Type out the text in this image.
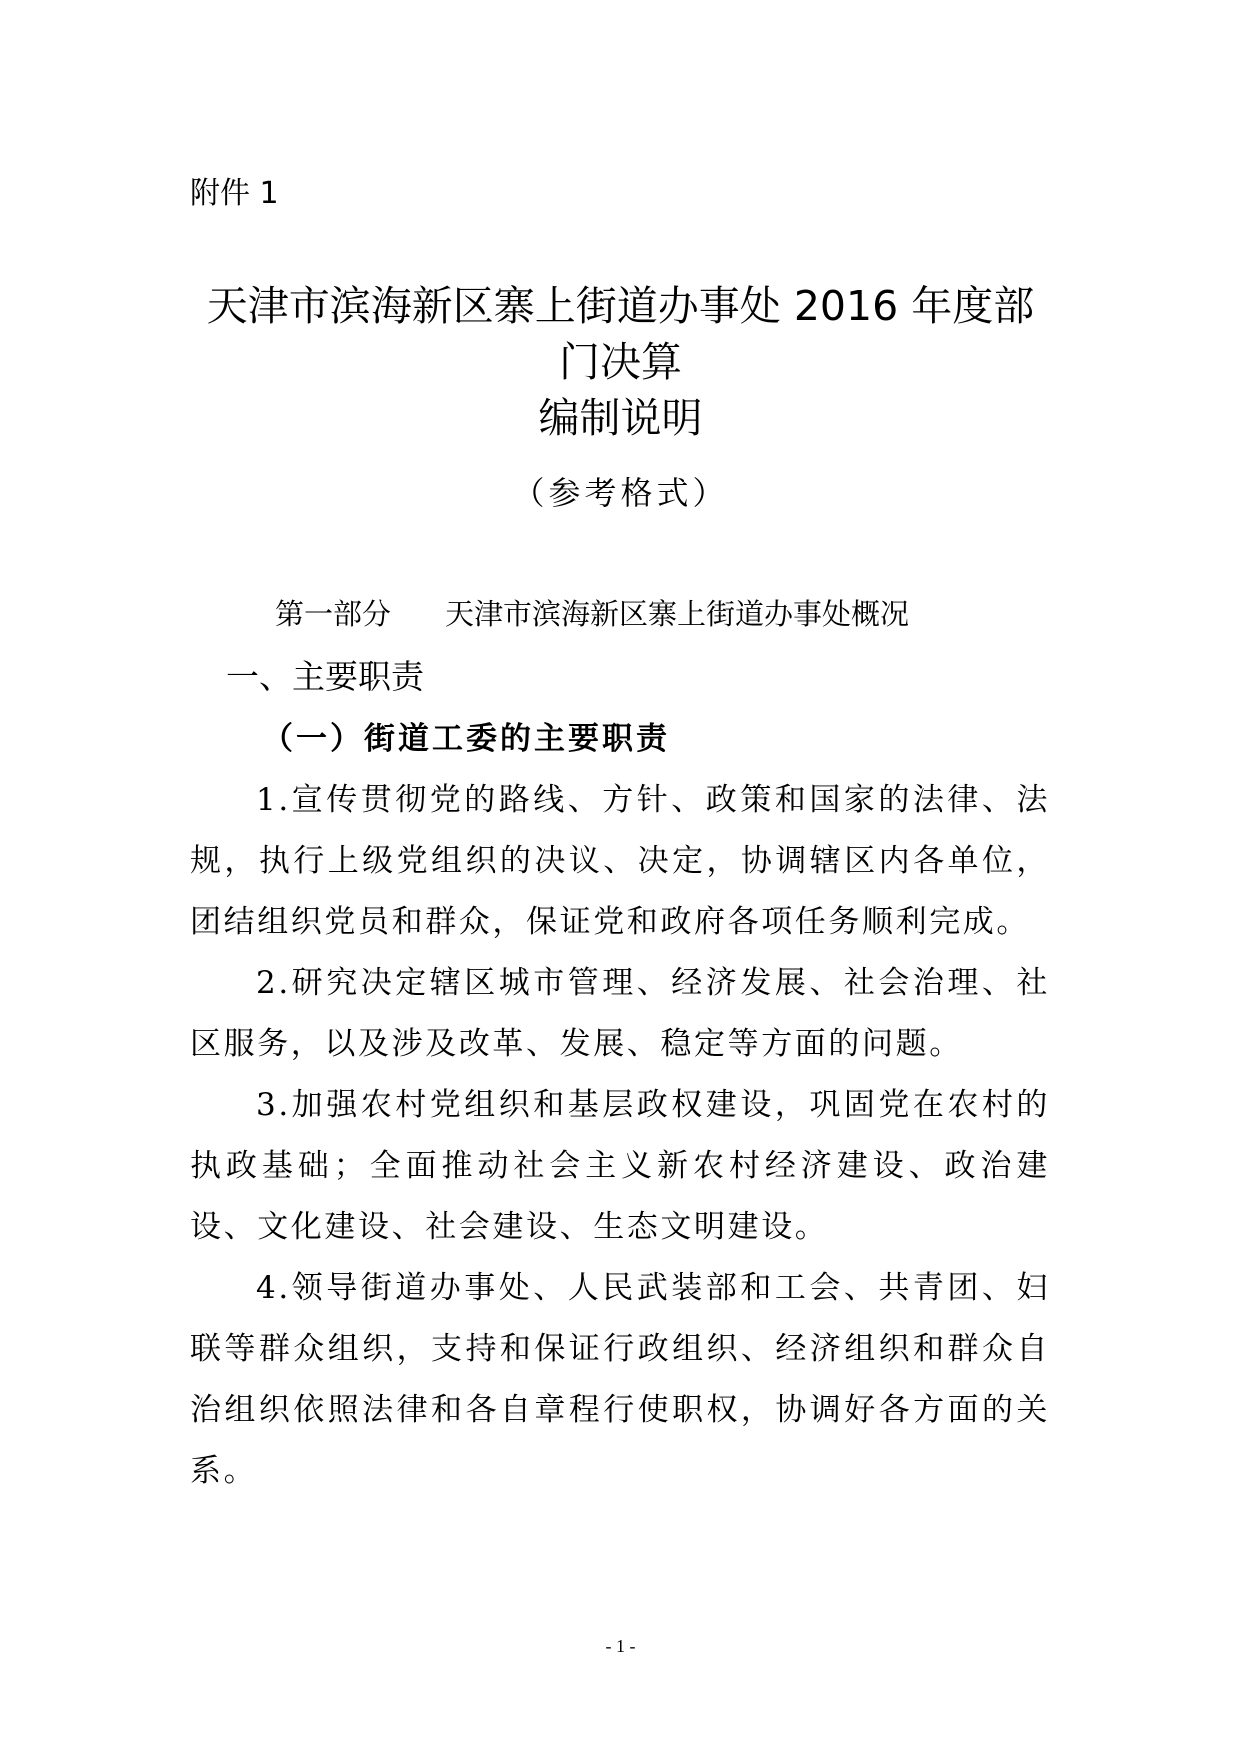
附件 1
天津市滨海新区寨上街道办事处 2016 年度部
门决算
编制说明
（参考格式）
第一部分 天津市滨海新区寨上街道办事处概况
一、主要职责
（一）街道工委的主要职责

1.宣传贯彻党的路线、方针、政策和国家的法律、法规，执行上级党组织的决议、决定，协调辖区内各单位，团结组织党员和群众，保证党和政府各项任务顺利完成。

2.研究决定辖区城市管理、经济发展、社会治理、社区服务，以及涉及改革、发展、稳定等方面的问题。

3.加强农村党组织和基层政权建设，巩固党在农村的执政基础；全面推动社会主义新农村经济建设、政治建设、文化建设、社会建设、生态文明建设。

4.领导街道办事处、人民武装部和工会、共青团、妇联等群众组织，支持和保证行政组织、经济组织和群众自治组织依照法律和各自章程行使职权，协调好各方面的关系。

- 1 -
